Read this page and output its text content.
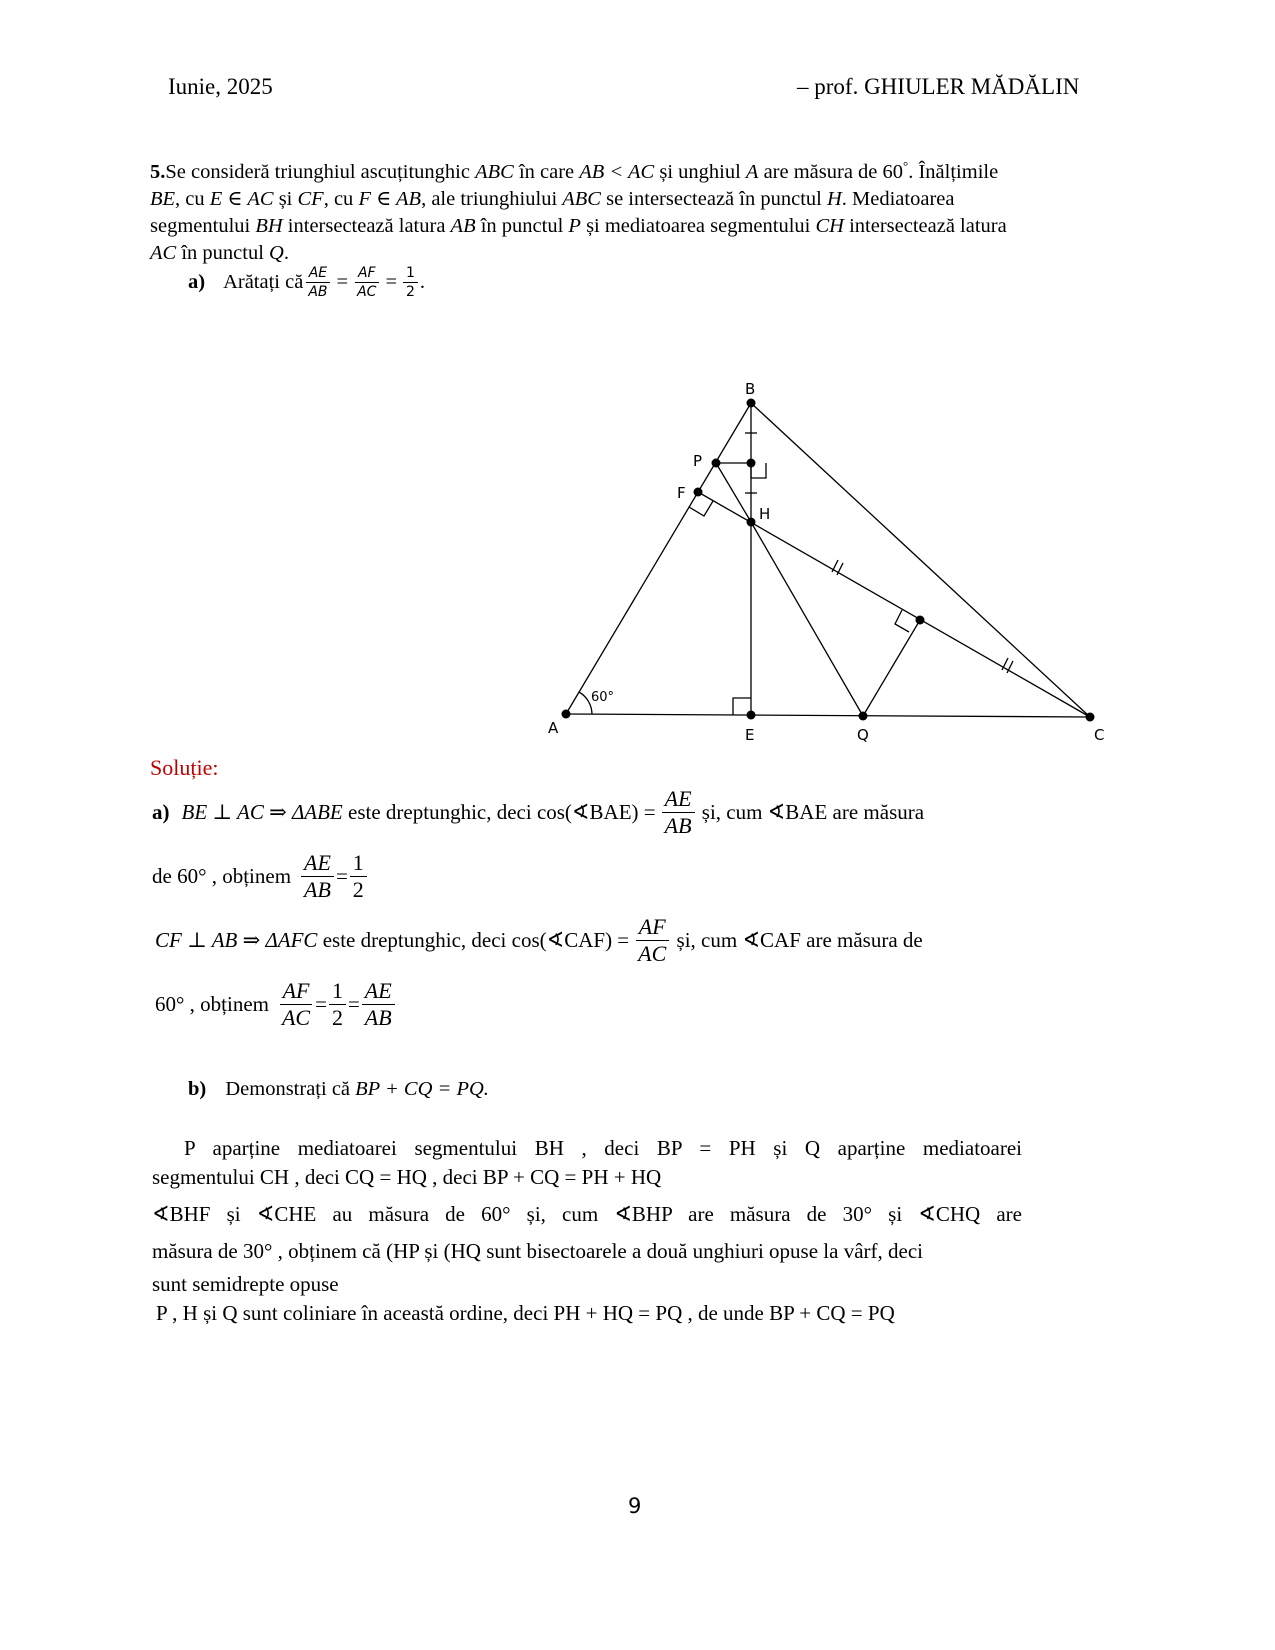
Iunie, 2025	– prof. GHIULER MĂDĂLIN
5.Se consideră triunghiul ascuțitunghic ABC în care AB < AC și unghiul A are măsura de 60°. Înălțimile
BE, cu E ∈ AC și CF, cu F ∈ AB, ale triunghiului ABC se intersectează în punctul H. Mediatoarea
segmentului BH intersectează latura AB în punctul P și mediatoarea segmentului CH intersectează latura
AC în punctul Q.
a) Arătați că $\frac{AE}{AB} = \frac{AF}{AC} = \frac{1}{2}$ .
A
B
C
E
F
H
P
Q
60°
Soluție:
a) BE ⊥ AC ⇒ ΔABE este dreptunghic, deci cos(∢BAE) = $\frac{AE}{AB}$ și, cum ∢BAE are măsura
de 60° , obținem $\frac{AE}{AB} = \frac{1}{2}$
CF ⊥ AB ⇒ ΔAFC este dreptunghic, deci cos(∢CAF) = $\frac{AF}{AC}$ și, cum ∢CAF are măsura de
60° , obținem $\frac{AF}{AC} = \frac{1}{2} = \frac{AE}{AB}$
b) Demonstrați că BP + CQ = PQ.
P aparține mediatoarei segmentului BH , deci BP = PH și Q aparține mediatoarei
segmentului CH , deci CQ = HQ , deci BP + CQ = PH + HQ
∢BHF și ∢CHE au măsura de 60° și, cum ∢BHP are măsura de 30° și ∢CHQ are
măsura de 30° , obținem că (HP și (HQ sunt bisectoarele a două unghiuri opuse la vârf, deci
sunt semidrepte opuse
P , H și Q sunt coliniare în această ordine, deci PH + HQ = PQ , de unde BP + CQ = PQ
9
